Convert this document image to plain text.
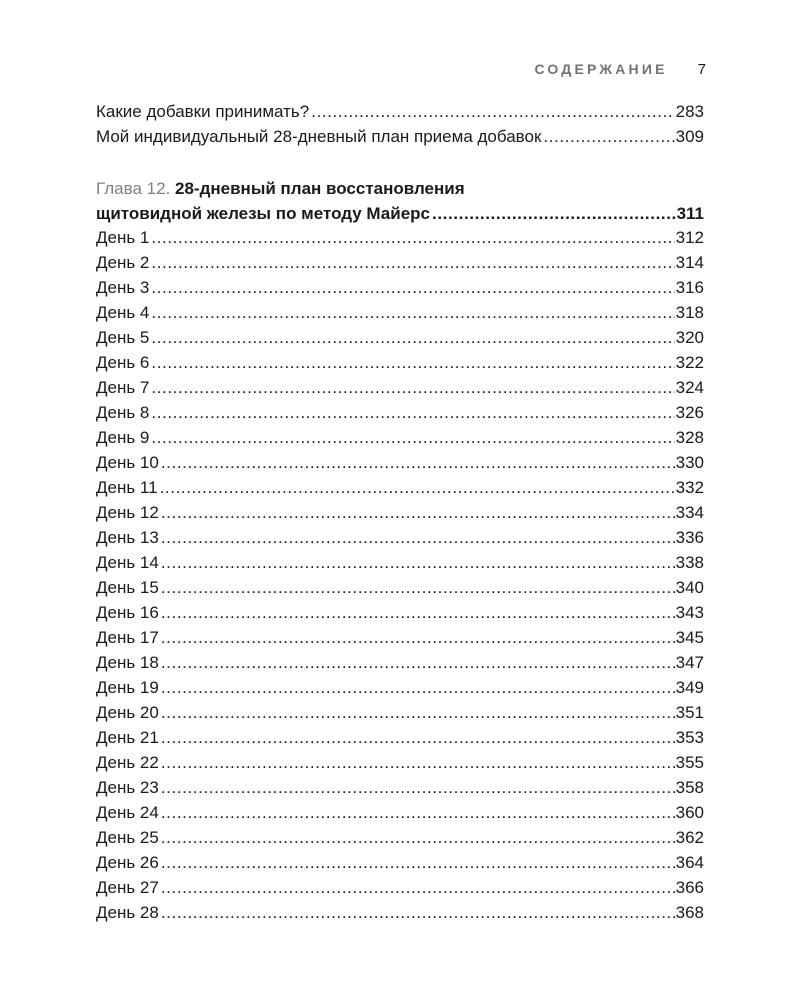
СОДЕРЖАНИЕ 7
Какие добавки принимать? .....	283
Мой индивидуальный 28-дневный план приема добавок .....	309
Глава 12. 28-дневный план восстановления
щитовидной железы по методу Майерс .....	311
День 1 .....	312
День 2 .....	314
День 3 .....	316
День 4 .....	318
День 5 .....	320
День 6 .....	322
День 7 .....	324
День 8 .....	326
День 9 .....	328
День 10 .....	330
День 11 .....	332
День 12 .....	334
День 13 .....	336
День 14 .....	338
День 15 .....	340
День 16 .....	343
День 17 .....	345
День 18 .....	347
День 19 .....	349
День 20 .....	351
День 21 .....	353
День 22 .....	355
День 23 .....	358
День 24 .....	360
День 25 .....	362
День 26 .....	364
День 27 .....	366
День 28 .....	368
